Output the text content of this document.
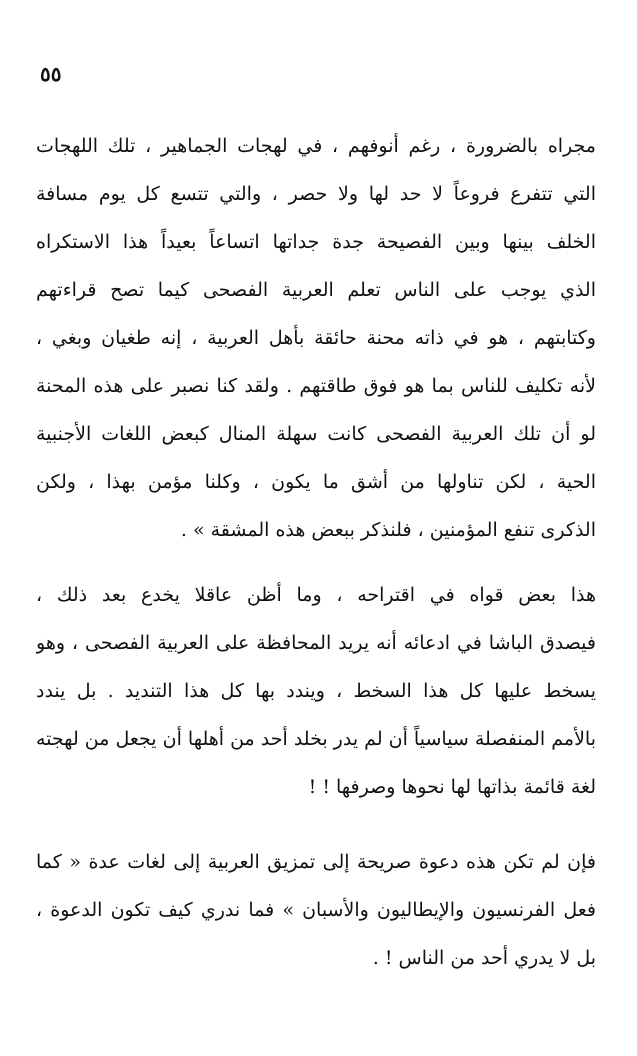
٥٥
مجراه بالضرورة ، رغم أنوفهم ، في لهجات الجماهير ، تلك اللهجات
التي تتفرع فروعاً لا حد لها ولا حصر ، والتي تتسع كل يوم مسافة
الخلف بينها وبين الفصيحة جدة جداتها اتساعاً بعيداً هذا الاستكراه
الذي يوجب على الناس تعلم العربية الفصحى كيما تصح قراءتهم
وكتابتهم ، هو في ذاته محنة حائقة بأهل العربية ، إنه طغيان وبغي ،
لأنه تكليف للناس بما هو فوق طاقتهم . ولقد كنا نصبر على هذه المحنة
لو أن تلك العربية الفصحى كانت سهلة المنال كبعض اللغات الأجنبية
الحية ، لكن تناولها من أشق ما يكون ، وكلنا مؤمن بهذا ، ولكن
الذكرى تنفع المؤمنين ، فلنذكر ببعض هذه المشقة » .
هذا بعض قواه في اقتراحه ، وما أظن عاقلا يخدع بعد ذلك ،
فيصدق الباشا في ادعائه أنه يريد المحافظة على العربية الفصحى ، وهو
يسخط عليها كل هذا السخط ، ويندد بها كل هذا التنديد . بل يندد
بالأمم المنفصلة سياسياً أن لم يدر بخلد أحد من أهلها أن يجعل من لهجته
لغة قائمة بذاتها لها نحوها وصرفها ! !
فإن لم تكن هذه دعوة صريحة إلى تمزيق العربية إلى لغات عدة « كما
فعل الفرنسيون والإيطاليون والأسبان » فما ندري كيف تكون الدعوة ،
بل لا يدري أحد من الناس ! .
